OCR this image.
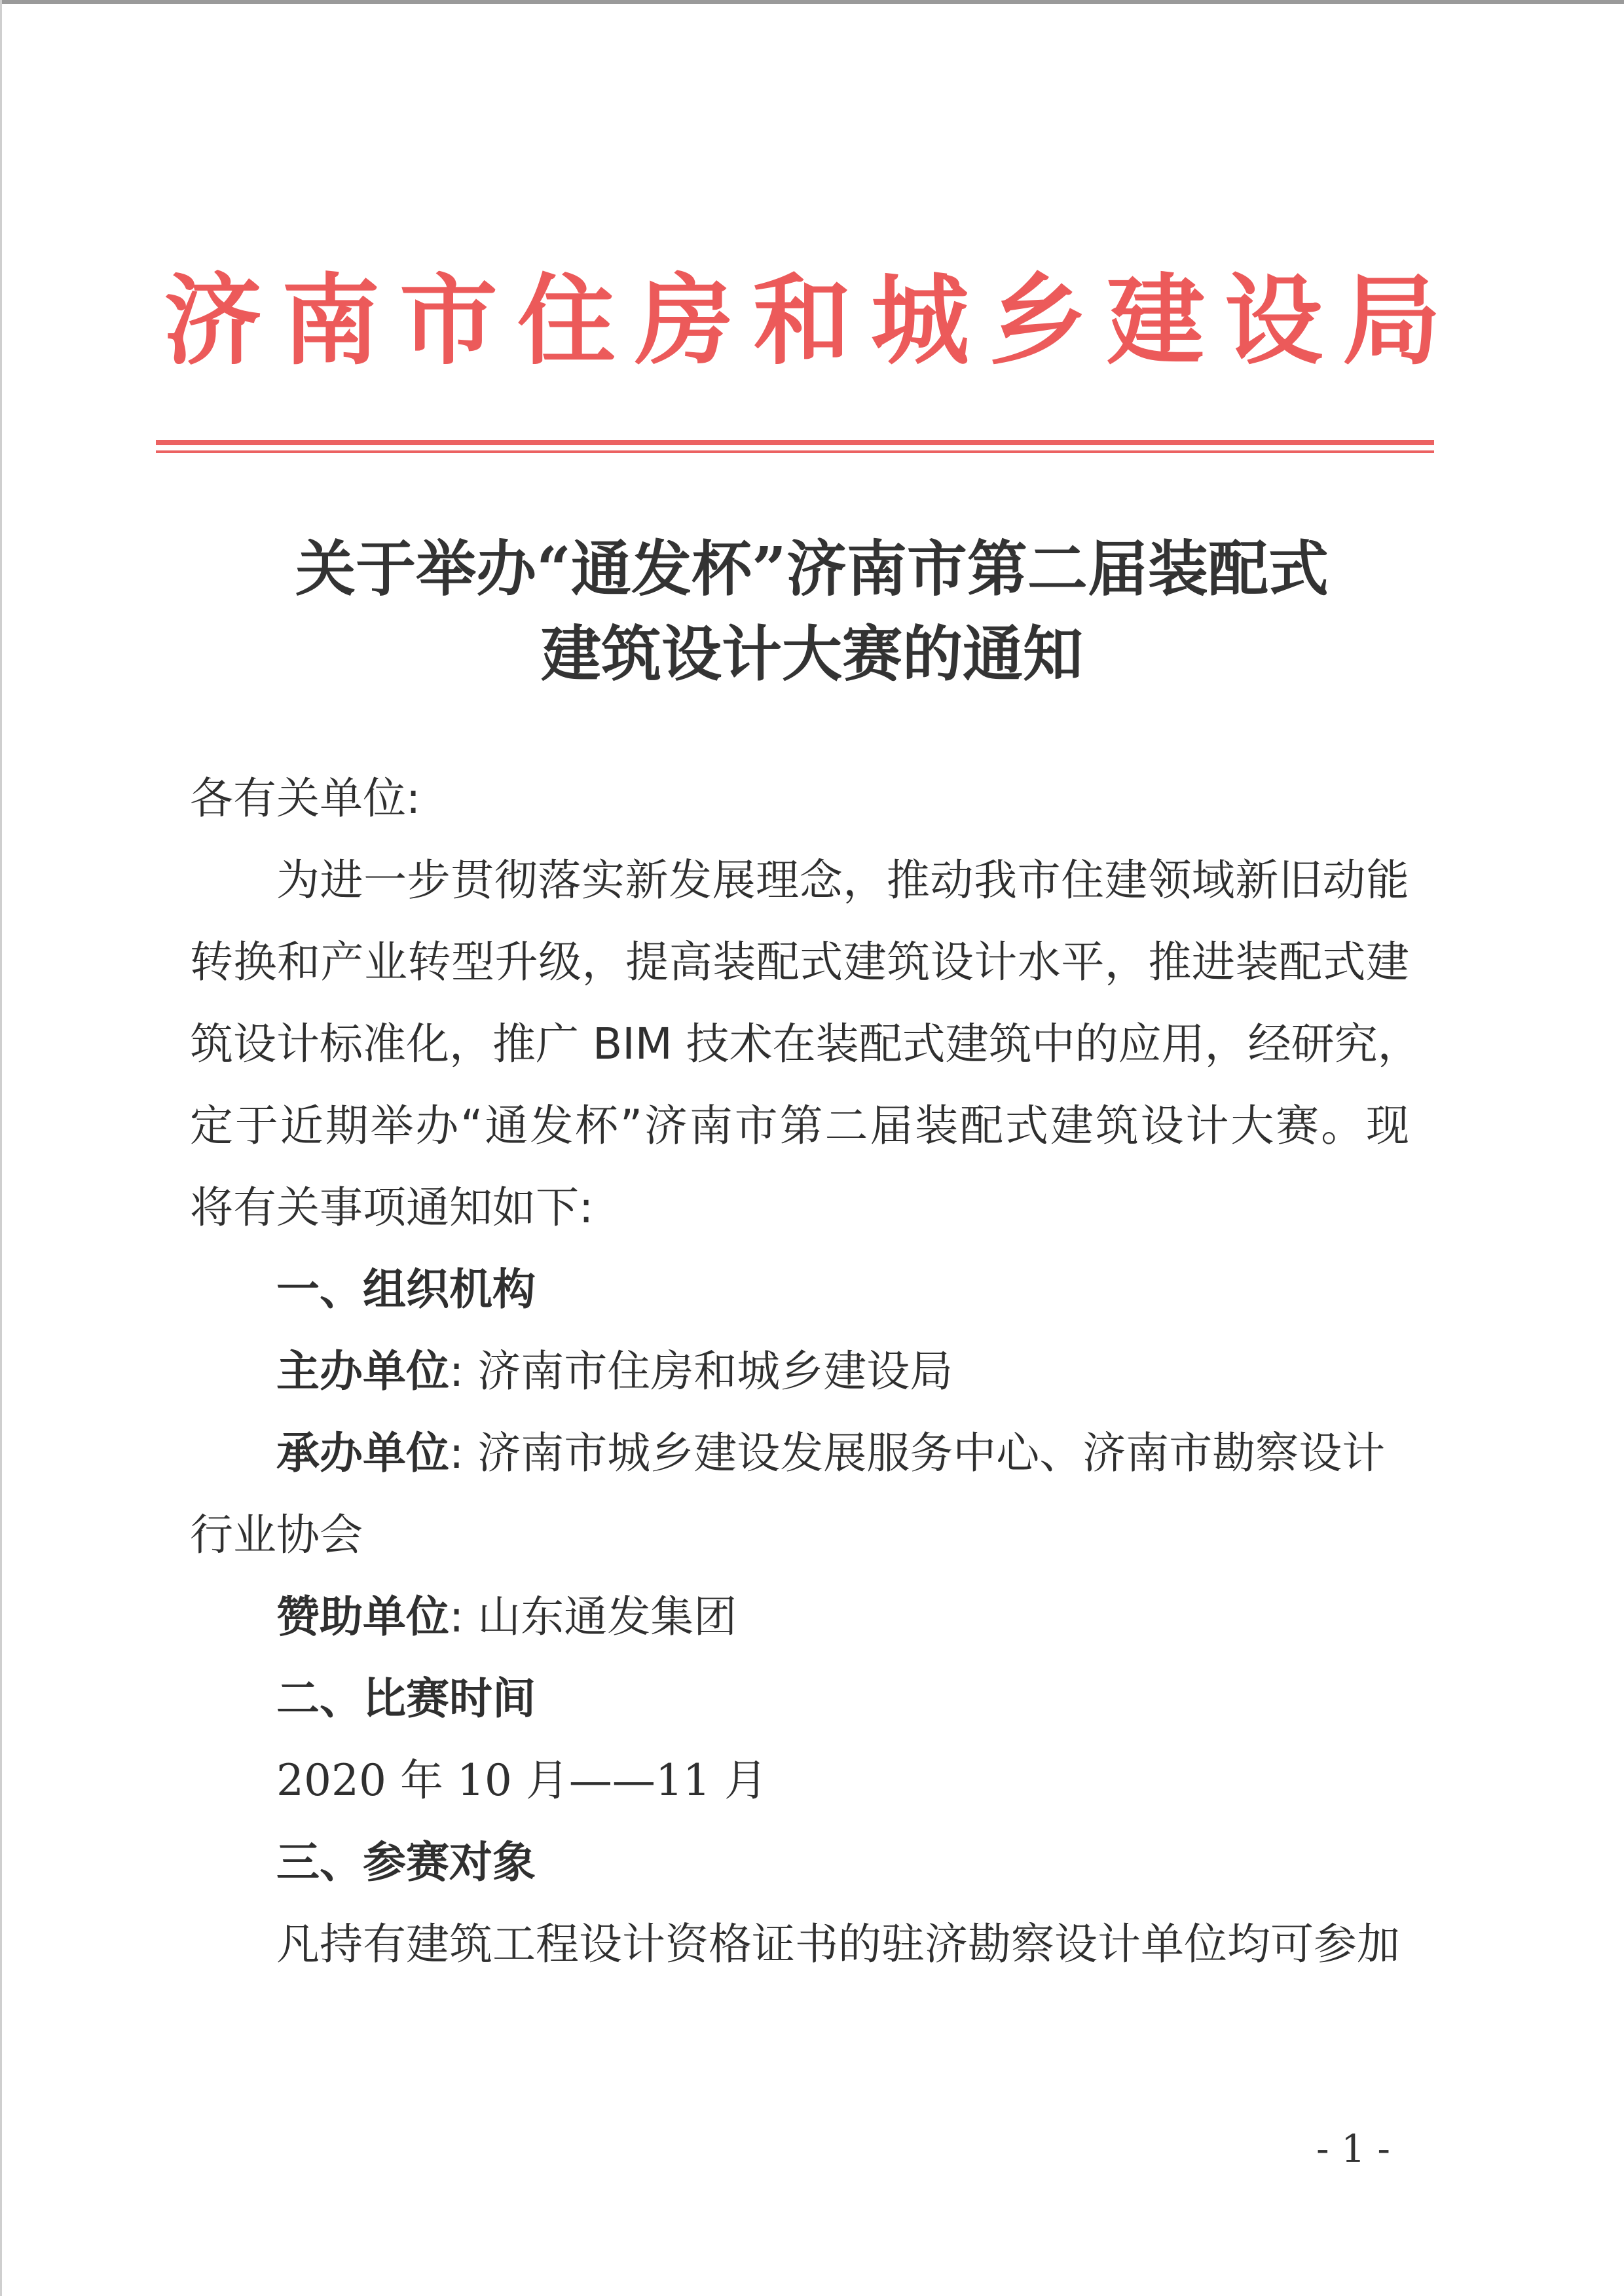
济南市住房和城乡建设局
关于举办“通发杯”济南市第二届装配式
建筑设计大赛的通知
各有关单位:
为进一步贯彻落实新发展理念，推动我市住建领域新旧动能
转换和产业转型升级，提高装配式建筑设计水平，推进装配式建
筑设计标准化，推广 BIM 技术在装配式建筑中的应用，经研究，
定于近期举办“通发杯”济南市第二届装配式建筑设计大赛。现
将有关事项通知如下:
一、组织机构
主办单位: 济南市住房和城乡建设局
承办单位: 济南市城乡建设发展服务中心、济南市勘察设计
行业协会
赞助单位: 山东通发集团
二、比赛时间
2020 年 10 月——11 月
三、参赛对象
凡持有建筑工程设计资格证书的驻济勘察设计单位均可参加
- 1 -
